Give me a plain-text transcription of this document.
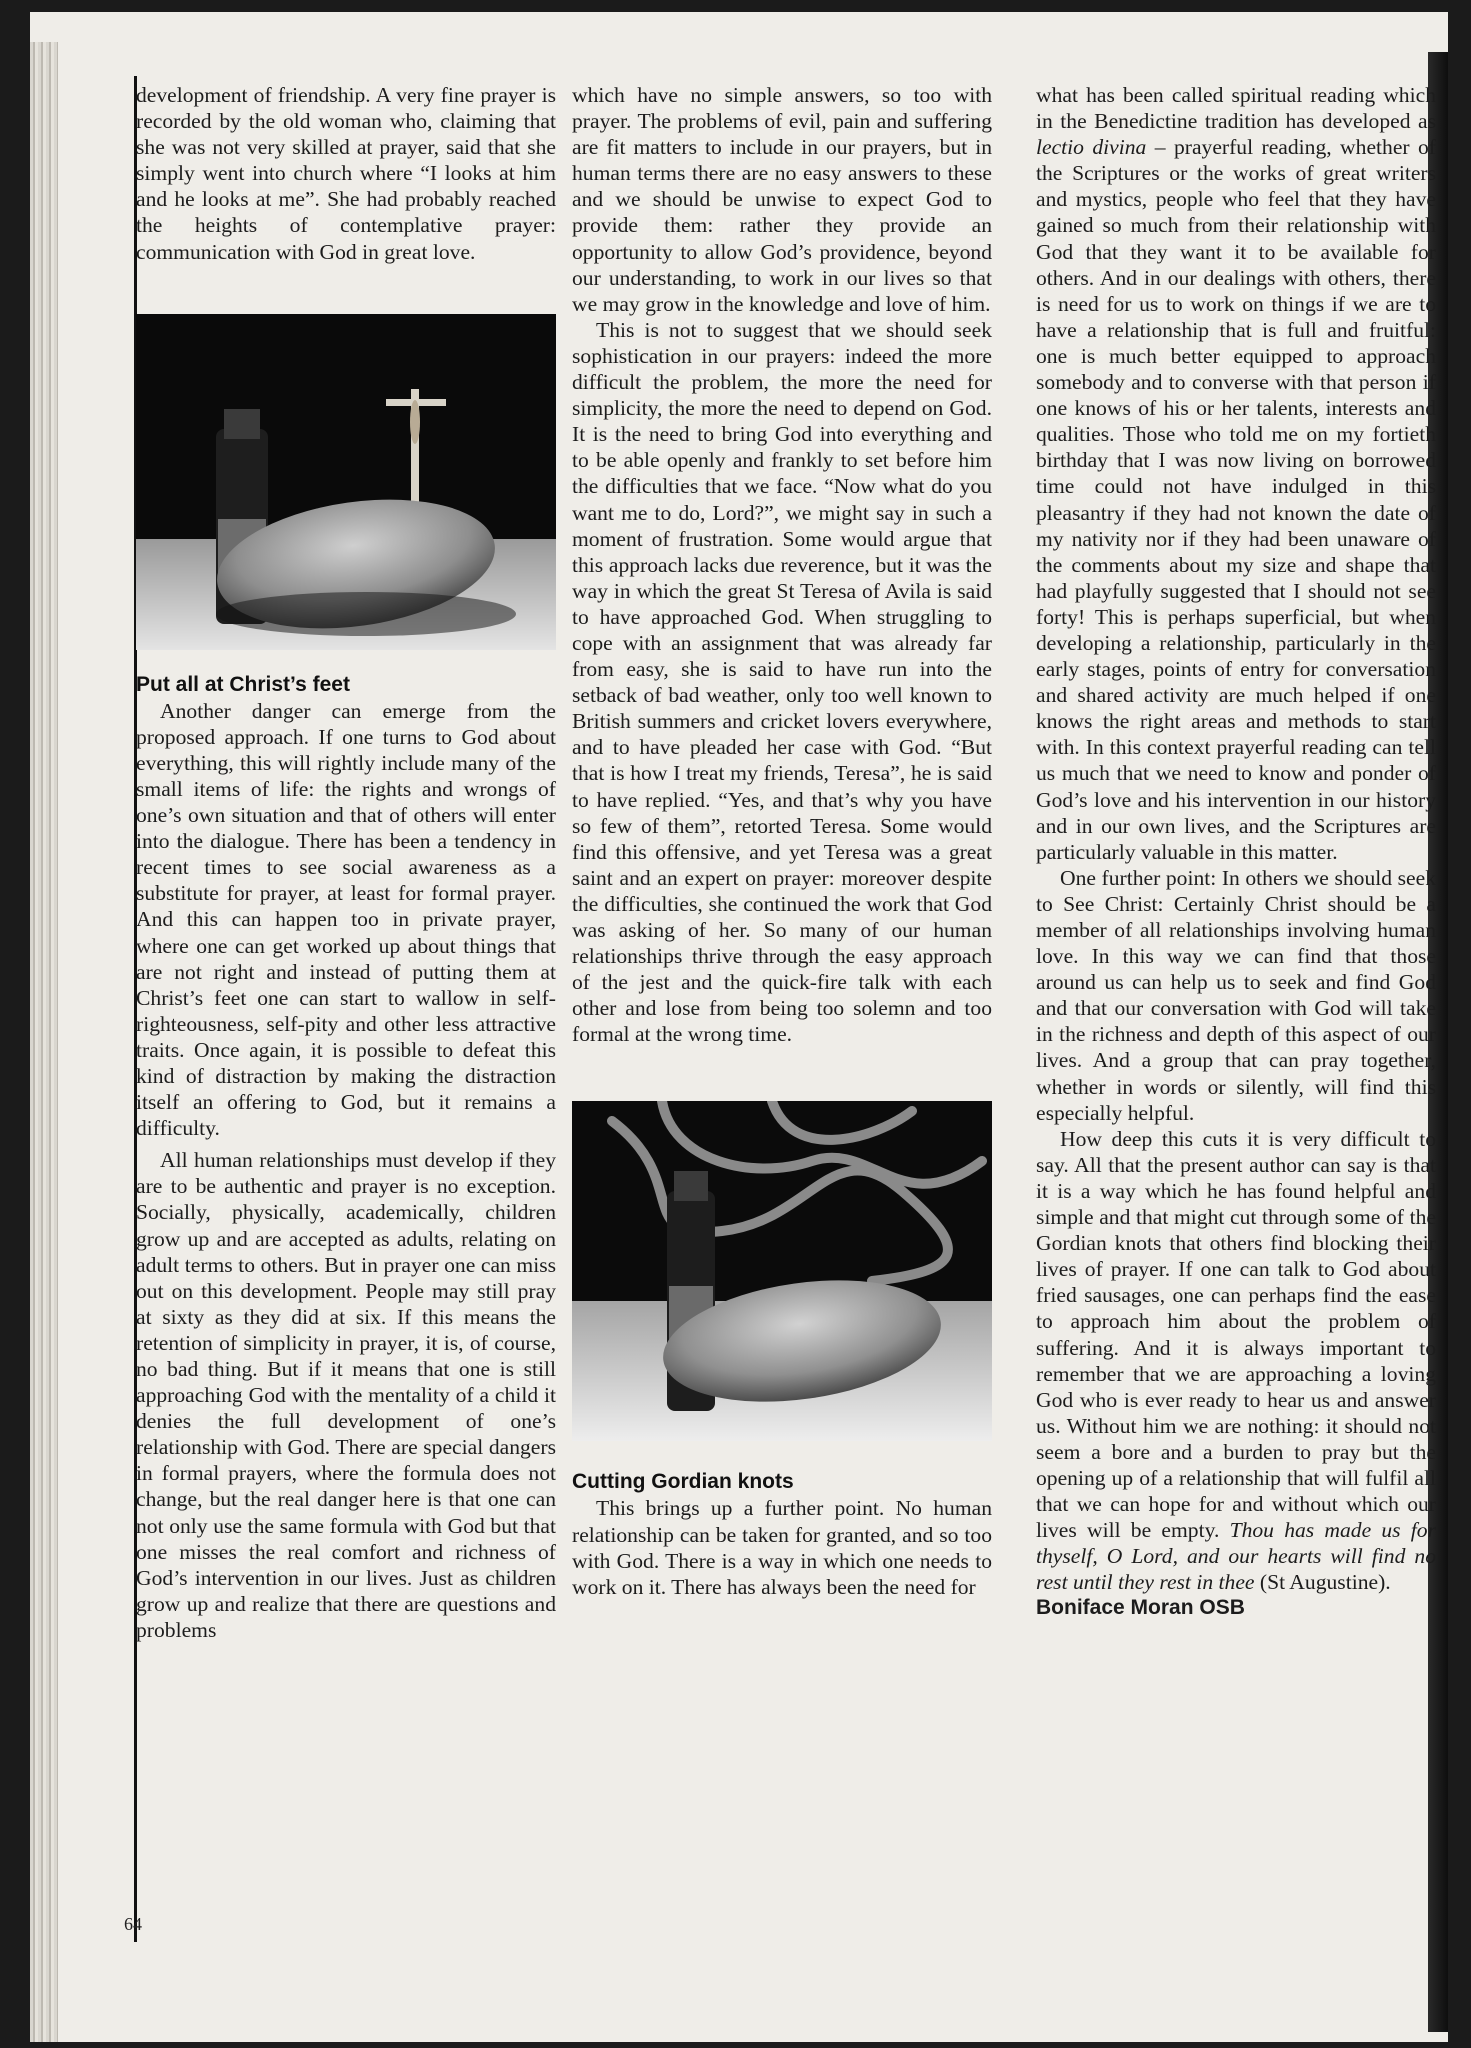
development of friendship. A very fine prayer is recorded by the old woman who, claiming that she was not very skilled at prayer, said that she simply went into church where “I looks at him and he looks at me”. She had probably reached the heights of contemplative prayer: communication with God in great love.

Put all at Christ’s feet

Another danger can emerge from the proposed approach. If one turns to God about everything, this will rightly include many of the small items of life: the rights and wrongs of one’s own situation and that of others will enter into the dialogue. There has been a tendency in recent times to see social awareness as a substitute for prayer, at least for formal prayer. And this can happen too in private prayer, where one can get worked up about things that are not right and instead of putting them at Christ’s feet one can start to wallow in self-righteousness, self-pity and other less attractive traits. Once again, it is possible to defeat this kind of distraction by making the distraction itself an offering to God, but it remains a difficulty.

All human relationships must develop if they are to be authentic and prayer is no exception. Socially, physically, academically, children grow up and are accepted as adults, relating on adult terms to others. But in prayer one can miss out on this development. People may still pray at sixty as they did at six. If this means the retention of simplicity in prayer, it is, of course, no bad thing. But if it means that one is still approaching God with the mentality of a child it denies the full development of one’s relationship with God. There are special dangers in formal prayers, where the formula does not change, but the real danger here is that one can not only use the same formula with God but that one misses the real comfort and richness of God’s intervention in our lives. Just as children grow up and realize that there are questions and problems

which have no simple answers, so too with prayer. The problems of evil, pain and suffering are fit matters to include in our prayers, but in human terms there are no easy answers to these and we should be unwise to expect God to provide them: rather they provide an opportunity to allow God’s providence, beyond our understanding, to work in our lives so that we may grow in the knowledge and love of him.

This is not to suggest that we should seek sophistication in our prayers: indeed the more difficult the problem, the more the need for simplicity, the more the need to depend on God. It is the need to bring God into everything and to be able openly and frankly to set before him the difficulties that we face. “Now what do you want me to do, Lord?”, we might say in such a moment of frustration. Some would argue that this approach lacks due reverence, but it was the way in which the great St Teresa of Avila is said to have approached God. When struggling to cope with an assignment that was already far from easy, she is said to have run into the setback of bad weather, only too well known to British summers and cricket lovers everywhere, and to have pleaded her case with God. “But that is how I treat my friends, Teresa”, he is said to have replied. “Yes, and that’s why you have so few of them”, retorted Teresa. Some would find this offensive, and yet Teresa was a great saint and an expert on prayer: moreover despite the difficulties, she continued the work that God was asking of her. So many of our human relationships thrive through the easy approach of the jest and the quick-fire talk with each other and lose from being too solemn and too formal at the wrong time.

Cutting Gordian knots

This brings up a further point. No human relationship can be taken for granted, and so too with God. There is a way in which one needs to work on it. There has always been the need for

what has been called spiritual reading which in the Benedictine tradition has developed as lectio divina – prayerful reading, whether of the Scriptures or the works of great writers and mystics, people who feel that they have gained so much from their relationship with God that they want it to be available for others. And in our dealings with others, there is need for us to work on things if we are to have a relationship that is full and fruitful: one is much better equipped to approach somebody and to converse with that person if one knows of his or her talents, interests and qualities. Those who told me on my fortieth birthday that I was now living on borrowed time could not have indulged in this pleasantry if they had not known the date of my nativity nor if they had been unaware of the comments about my size and shape that had playfully suggested that I should not see forty! This is perhaps superficial, but when developing a relationship, particularly in the early stages, points of entry for conversation and shared activity are much helped if one knows the right areas and methods to start with. In this context prayerful reading can tell us much that we need to know and ponder of God’s love and his intervention in our history and in our own lives, and the Scriptures are particularly valuable in this matter.

One further point: In others we should seek to See Christ: Certainly Christ should be a member of all relationships involving human love. In this way we can find that those around us can help us to seek and find God and that our conversation with God will take in the richness and depth of this aspect of our lives. And a group that can pray together, whether in words or silently, will find this especially helpful.

How deep this cuts it is very difficult to say. All that the present author can say is that it is a way which he has found helpful and simple and that might cut through some of the Gordian knots that others find blocking their lives of prayer. If one can talk to God about fried sausages, one can perhaps find the ease to approach him about the problem of suffering. And it is always important to remember that we are approaching a loving God who is ever ready to hear us and answer us. Without him we are nothing: it should not seem a bore and a burden to pray but the opening up of a relationship that will fulfil all that we can hope for and without which our lives will be empty. Thou has made us for thyself, O Lord, and our hearts will find no rest until they rest in thee (St Augustine).

Boniface Moran OSB
64
